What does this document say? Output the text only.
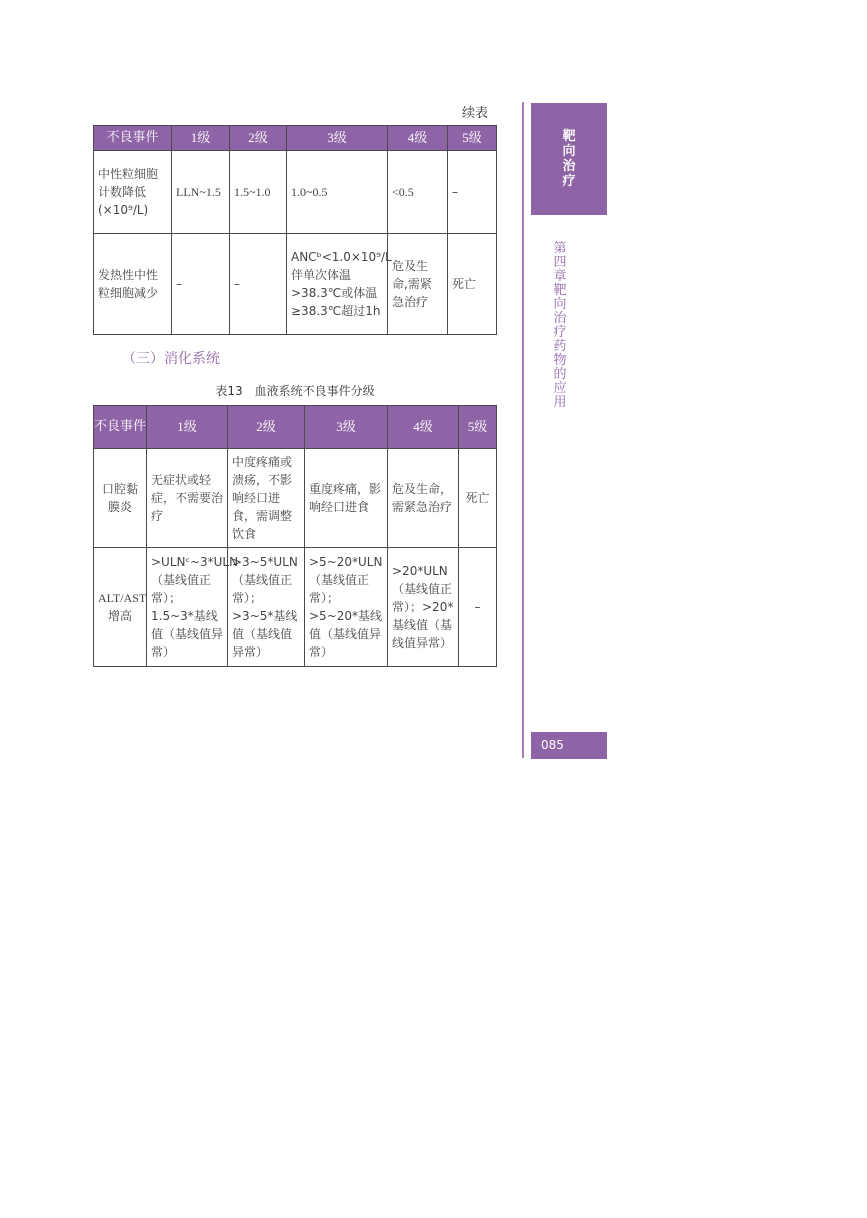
续表
不良事件	1级	2级	3级	4级	5级
中性粒细胞计数降低(×10⁹/L)	LLN~1.5	1.5~1.0	1.0~0.5	<0.5	–
发热性中性粒细胞减少	–	–	ANCᵇ<1.0×10⁹/L 伴单次体温>38.3℃或体温≥38.3℃超过1h	危及生命,需紧急治疗	死亡
（三）消化系统
表13　血液系统不良事件分级
不良事件	1级	2级	3级	4级	5级
口腔黏膜炎	无症状或轻症，不需要治疗	中度疼痛或溃疡，不影响经口进食，需调整饮食	重度疼痛，影响经口进食	危及生命，需紧急治疗	死亡
ALT/AST增高	>ULNᶜ~3*ULN（基线值正常）；1.5~3*基线值（基线值异常）	>3~5*ULN（基线值正常）；>3~5*基线值（基线值异常）	>5~20*ULN（基线值正常）；>5~20*基线值（基线值异常）	>20*ULN（基线值正常）；>20*基线值（基线值异常）	–
靶向治疗
第四章　靶向治疗药物的应用
085
